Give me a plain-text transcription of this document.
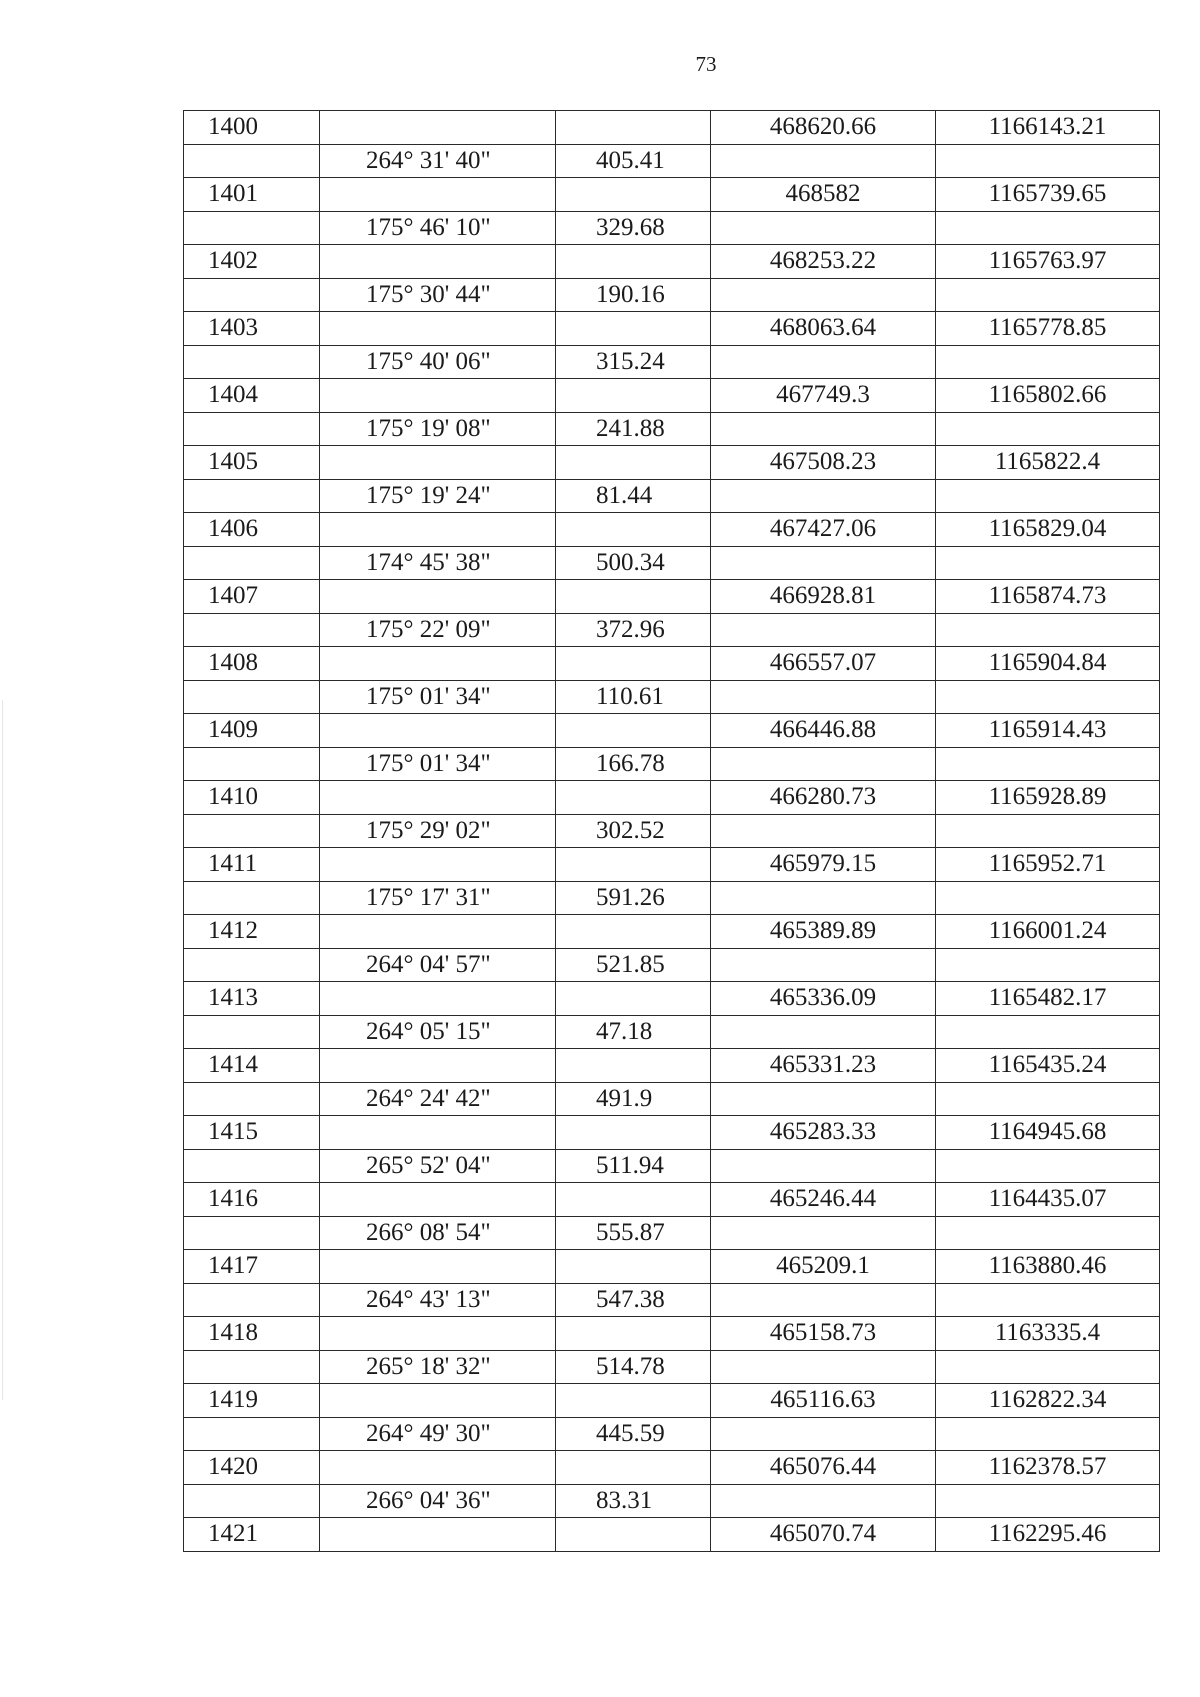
73
1400			468620.66	1166143.21
	264° 31' 40"	405.41		
1401			468582	1165739.65
	175° 46' 10"	329.68		
1402			468253.22	1165763.97
	175° 30' 44"	190.16		
1403			468063.64	1165778.85
	175° 40' 06"	315.24		
1404			467749.3	1165802.66
	175° 19' 08"	241.88		
1405			467508.23	1165822.4
	175° 19' 24"	81.44		
1406			467427.06	1165829.04
	174° 45' 38"	500.34		
1407			466928.81	1165874.73
	175° 22' 09"	372.96		
1408			466557.07	1165904.84
	175° 01' 34"	110.61		
1409			466446.88	1165914.43
	175° 01' 34"	166.78		
1410			466280.73	1165928.89
	175° 29' 02"	302.52		
1411			465979.15	1165952.71
	175° 17' 31"	591.26		
1412			465389.89	1166001.24
	264° 04' 57"	521.85		
1413			465336.09	1165482.17
	264° 05' 15"	47.18		
1414			465331.23	1165435.24
	264° 24' 42"	491.9		
1415			465283.33	1164945.68
	265° 52' 04"	511.94		
1416			465246.44	1164435.07
	266° 08' 54"	555.87		
1417			465209.1	1163880.46
	264° 43' 13"	547.38		
1418			465158.73	1163335.4
	265° 18' 32"	514.78		
1419			465116.63	1162822.34
	264° 49' 30"	445.59		
1420			465076.44	1162378.57
	266° 04' 36"	83.31		
1421			465070.74	1162295.46
